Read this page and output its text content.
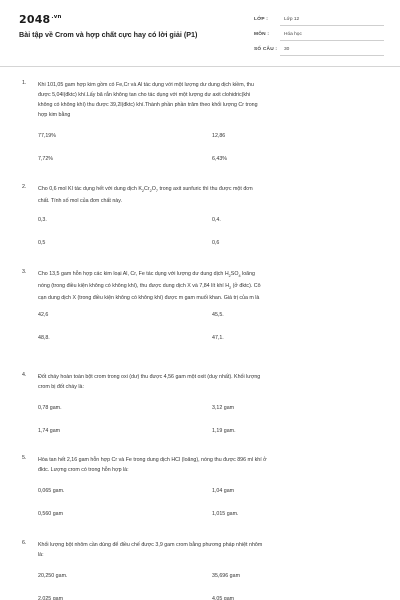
$2048^{.vn}$
Bài tập về Crom và hợp chất cực hay có lời giải (P1)
LỚP :	Lớp 12
MÔN :	Hóa học
SỐ CÂU : 30
1. Khi 101,05 gam hợp kim gồm có Fe,Cr và Al tác dụng với một lượng dư dung dịch kiềm, thu
được 5,04l(đktc) khí.Lấy bã rắn không tan cho tác dụng với một lượng dư axit clohidric(khi
không có không khí) thu được 39,2l(đktc) khí.Thành phần phần trăm theo khối lượng Cr trong
hợp kim bằng
77,19%	12,86
7,72%	6,43%
2. Cho 0,6 mol KI tác dụng hết với dung dịch $K_2Cr_2O_7$ trong axit sunfuric thì thu được một đơn
chất. Tính số mol của đơn chất này.
0,3.	0,4.
0,5	0,6
3. Cho 13,5 gam hỗn hợp các kim loại Al, Cr, Fe tác dụng với lượng dư dung dịch $H_2SO_4$ loãng
nóng (trong điều kiện không có không khí), thu được dung dịch X và 7,84 lít khí $H_2$ (ở đktc). Cô
cạn dung dịch X (trong điều kiện không có không khí) được m gam muối khan. Giá trị của m là
42,6	45,5.
48,8.	47,1.
4. Đốt cháy hoàn toàn bột crom trong oxi (dư) thu được 4,56 gam một oxit (duy nhất). Khối lượng
crom bị đốt cháy là:
0,78 gam.	3,12 gam
1,74 gam	1,19 gam.
5. Hòa tan hết 2,16 gam hỗn hợp Cr và Fe trong dung dịch HCl (loãng), nóng thu được 896 ml khí ở
đktc. Lượng crom có trong hỗn hợp là:
0,065 gam.	1,04 gam
0,560 gam	1,015 gam.
6. Khối lượng bột nhôm cần dùng để điều chế được 3,9 gam crom bằng phương pháp nhiệt nhôm
là:
20,250 gam.	35,696 gam
2,025 gam	4,05 gam
